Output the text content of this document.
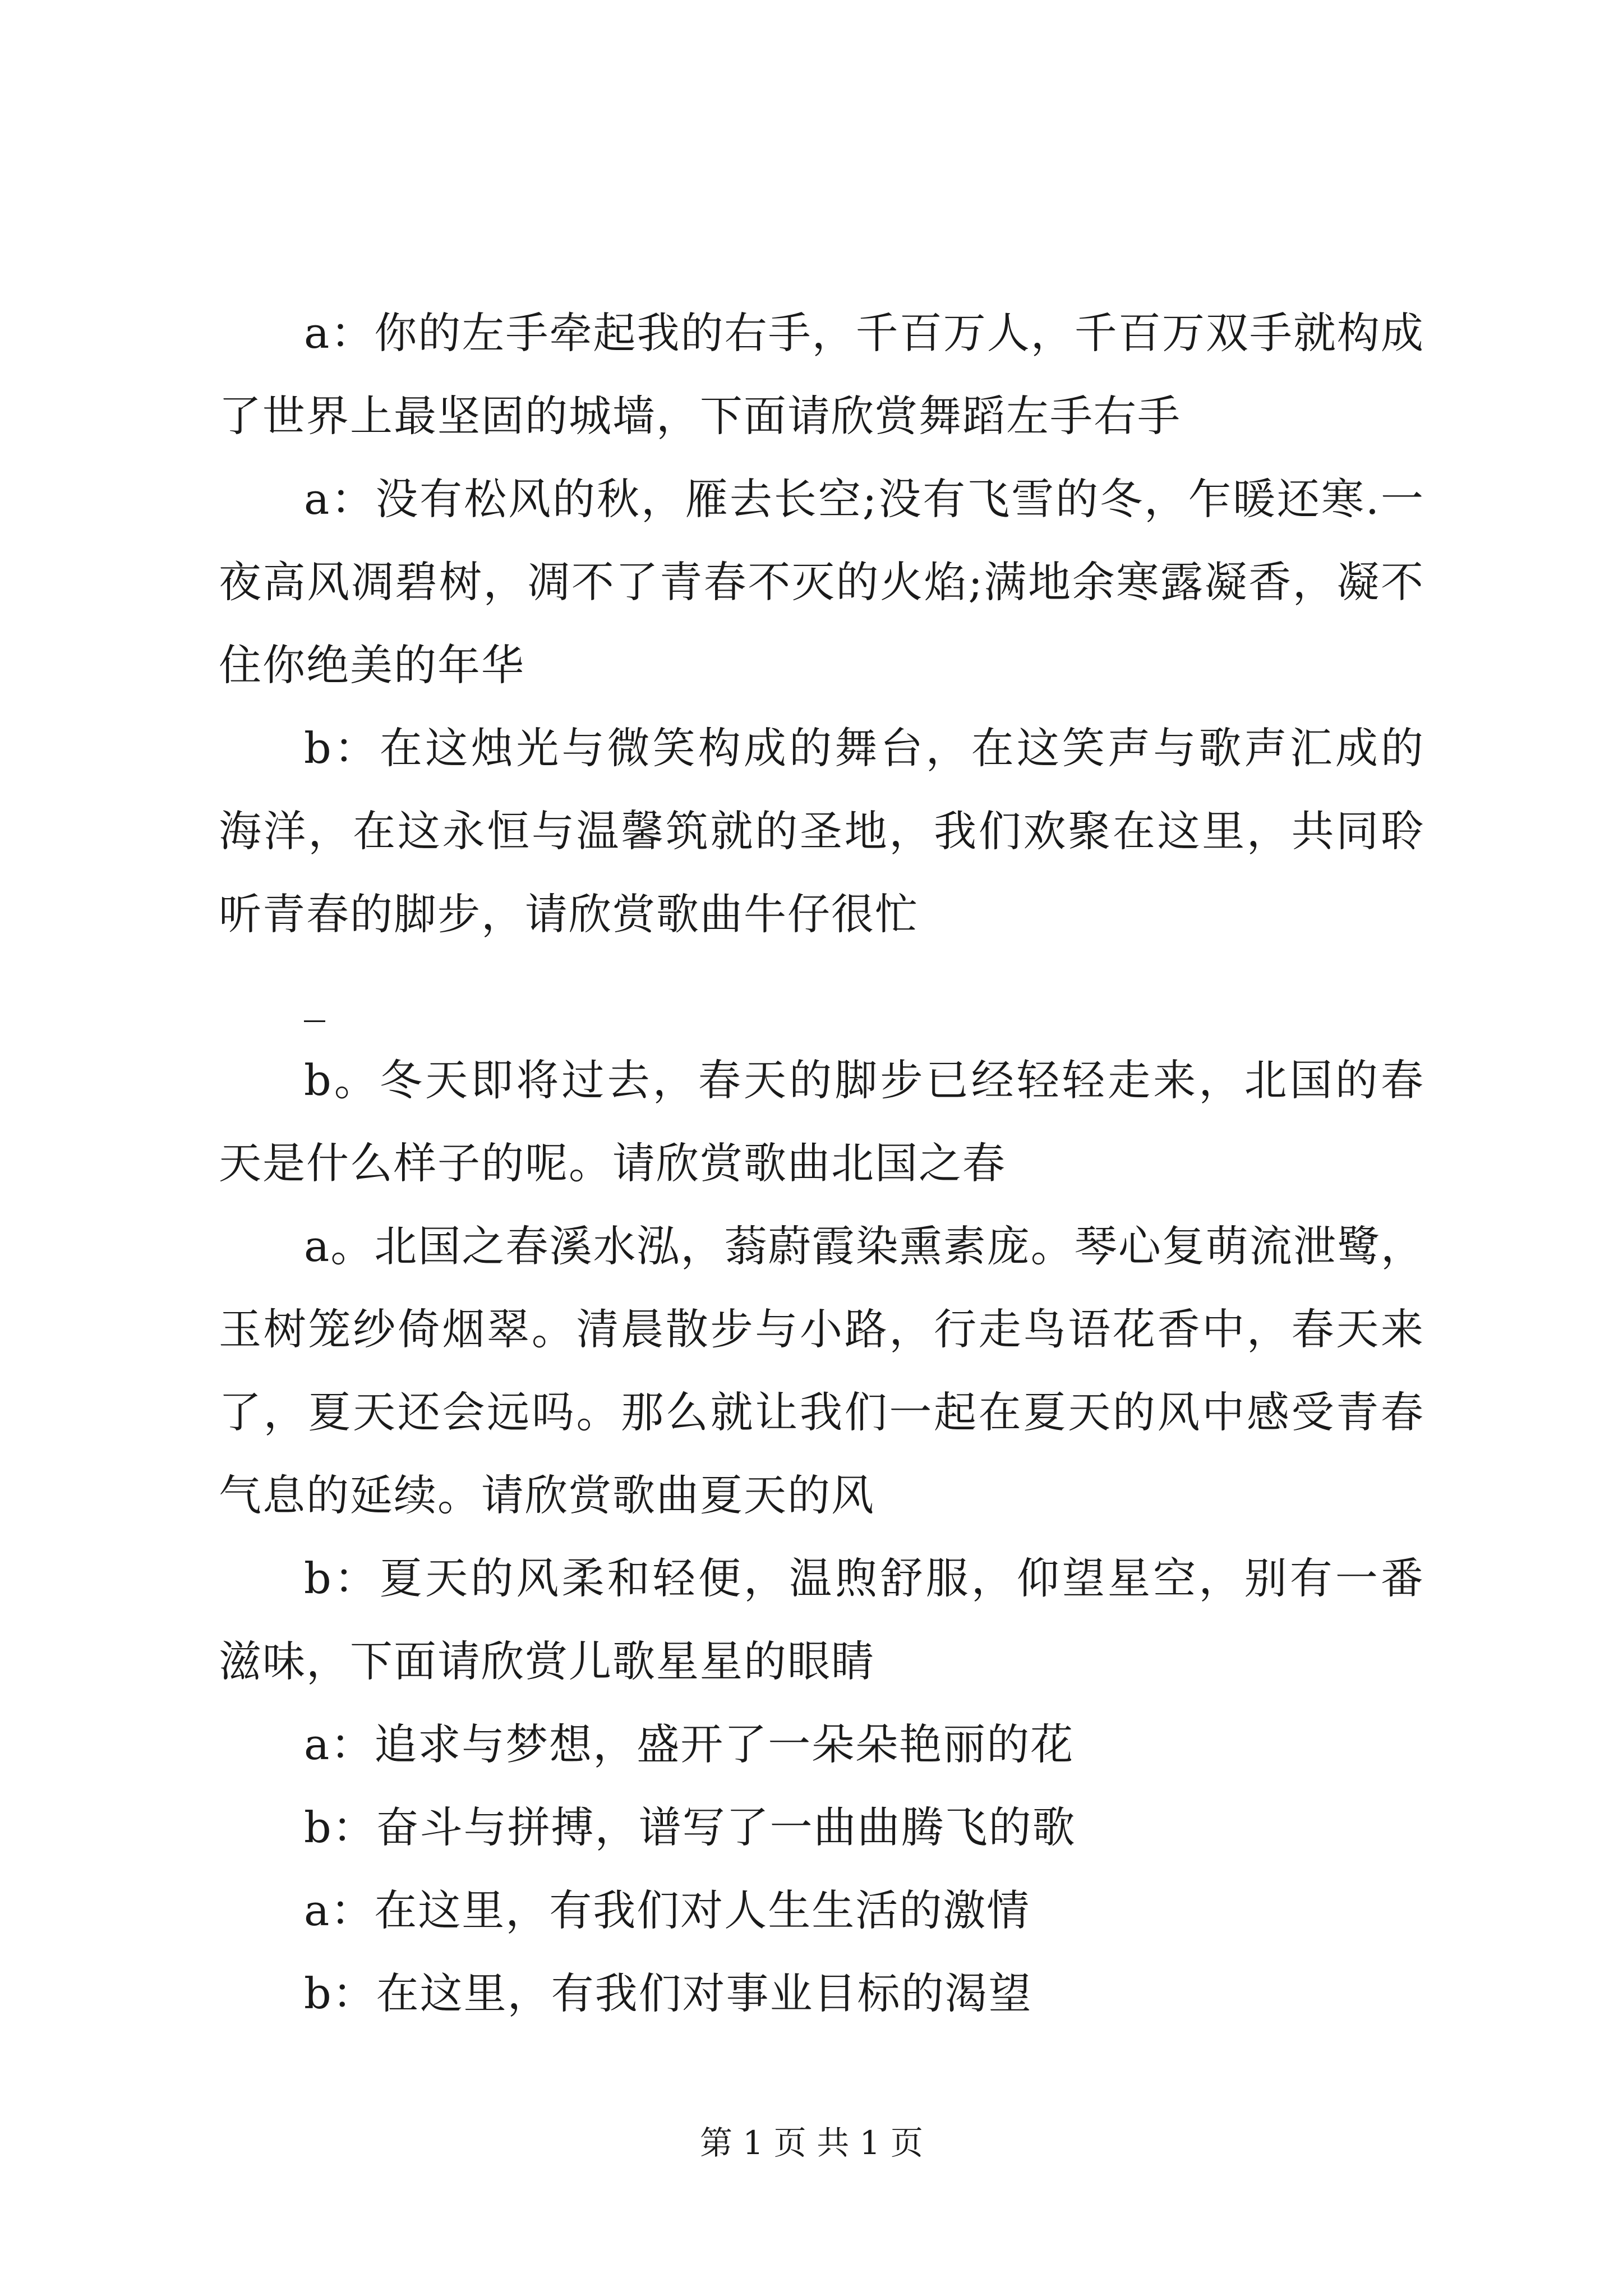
a：你的左手牵起我的右手，千百万人，千百万双手就构成了世界上最坚固的城墙，下面请欣赏舞蹈左手右手

a：没有松风的秋，雁去长空;没有飞雪的冬，乍暖还寒.一夜高风凋碧树，凋不了青春不灭的火焰;满地余寒露凝香，凝不住你绝美的年华

b：在这烛光与微笑构成的舞台，在这笑声与歌声汇成的海洋，在这永恒与温馨筑就的圣地，我们欢聚在这里，共同聆听青春的脚步，请欣赏歌曲牛仔很忙

_

b。冬天即将过去，春天的脚步已经轻轻走来，北国的春天是什么样子的呢。请欣赏歌曲北国之春

a。北国之春溪水泓，蓊蔚霞染熏素庞。琴心复萌流泄鹭，玉树笼纱倚烟翠。清晨散步与小路，行走鸟语花香中，春天来了，夏天还会远吗。那么就让我们一起在夏天的风中感受青春气息的延续。请欣赏歌曲夏天的风

b：夏天的风柔和轻便，温煦舒服，仰望星空，别有一番滋味，下面请欣赏儿歌星星的眼睛

a：追求与梦想，盛开了一朵朵艳丽的花

b：奋斗与拼搏，谱写了一曲曲腾飞的歌

a：在这里，有我们对人生生活的激情

b：在这里，有我们对事业目标的渴望

第 1 页 共 1 页
